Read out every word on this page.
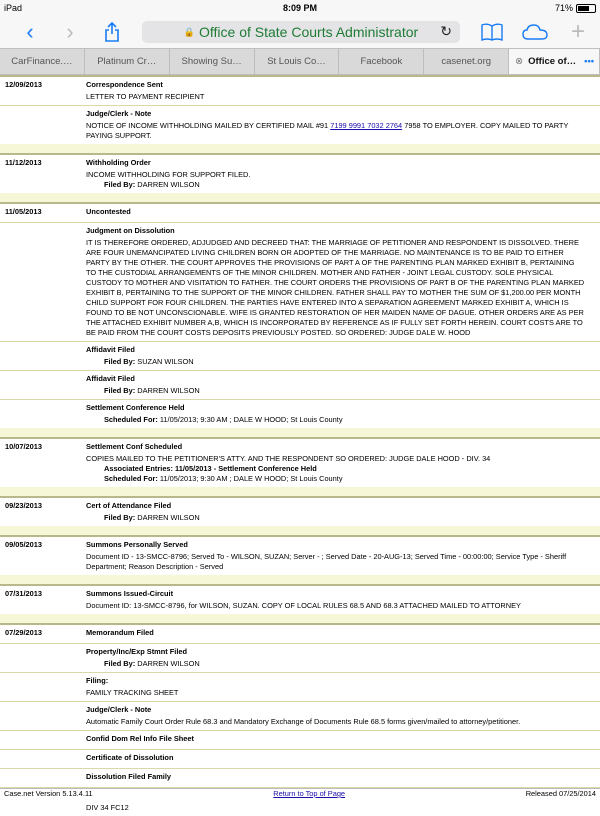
iPad	8:09 PM	71%
‹	›	🔒 Office of State Courts Administrator ↻	+
CarFinance.…	Platinum Cr…	Showing Su…	St Louis Co…	Facebook	casenet.org	⊗ Office of… •••
12/09/2013	Correspondence Sent
LETTER TO PAYMENT RECIPIENT
Judge/Clerk - Note
NOTICE OF INCOME WITHHOLDING MAILED BY CERTIFIED MAIL #91 7199 9991 7032 2764 7958 TO EMPLOYER. COPY MAILED TO PARTY PAYING SUPPORT.
11/12/2013	Withholding Order
INCOME WITHHOLDING FOR SUPPORT FILED.
Filed By: DARREN WILSON
11/05/2013	Uncontested
Judgment on Dissolution
IT IS THEREFORE ORDERED, ADJUDGED AND DECREED THAT: THE MARRIAGE OF PETITIONER AND RESPONDENT IS DISSOLVED. THERE ARE FOUR UNEMANCIPATED LIVING CHILDREN BORN OR ADOPTED OF THE MARRIAGE. NO MAINTENANCE IS TO BE PAID TO EITHER PARTY BY THE OTHER. THE COURT APPROVES THE PROVISIONS OF PART A OF THE PARENTING PLAN MARKED EXHIBIT B, PERTAINING TO THE CUSTODIAL ARRANGEMENTS OF THE MINOR CHILDREN. MOTHER AND FATHER - JOINT LEGAL CUSTODY. SOLE PHYSICAL CUSTODY TO MOTHER AND VISITATION TO FATHER. THE COURT ORDERS THE PROVISIONS OF PART B OF THE PARENTING PLAN MARKED EXHIBIT B, PERTAINING TO THE SUPPORT OF THE MINOR CHILDREN. FATHER SHALL PAY TO MOTHER THE SUM OF $1,200.00 PER MONTH CHILD SUPPORT FOR FOUR CHILDREN. THE PARTIES HAVE ENTERED INTO A SEPARATION AGREEMENT MARKED EXHIBIT A, WHICH IS FOUND TO BE NOT UNCONSCIONABLE. WIFE IS GRANTED RESTORATION OF HER MAIDEN NAME OF DAGUE. OTHER ORDERS ARE AS PER THE ATTACHED EXHIBIT NUMBER A,B, WHICH IS INCORPORATED BY REFERENCE AS IF FULLY SET FORTH HEREIN. COURT COSTS ARE TO BE PAID FROM THE COURT COSTS DEPOSITS PREVIOUSLY POSTED. SO ORDERED: JUDGE DALE W. HOOD
Affidavit Filed
Filed By: SUZAN WILSON
Affidavit Filed
Filed By: DARREN WILSON
Settlement Conference Held
Scheduled For: 11/05/2013; 9:30 AM ; DALE W HOOD; St Louis County
10/07/2013	Settlement Conf Scheduled
COPIES MAILED TO THE PETITIONER'S ATTY. AND THE RESPONDENT SO ORDERED: JUDGE DALE HOOD - DIV. 34
Associated Entries: 11/05/2013 - Settlement Conference Held
Scheduled For: 11/05/2013; 9:30 AM ; DALE W HOOD; St Louis County
09/23/2013	Cert of Attendance Filed
Filed By: DARREN WILSON
09/05/2013	Summons Personally Served
Document ID - 13-SMCC-8796; Served To - WILSON, SUZAN; Server - ; Served Date - 20-AUG-13; Served Time - 00:00:00; Service Type - Sheriff Department; Reason Description - Served
07/31/2013	Summons Issued-Circuit
Document ID: 13-SMCC-8796, for WILSON, SUZAN. COPY OF LOCAL RULES 68.5 AND 68.3 ATTACHED MAILED TO ATTORNEY
07/29/2013	Memorandum Filed
Property/Inc/Exp Stmnt Filed
Filed By: DARREN WILSON
Filing:
FAMILY TRACKING SHEET
Judge/Clerk - Note
Automatic Family Court Order Rule 68.3 and Mandatory Exchange of Documents Rule 68.5 forms given/mailed to attorney/petitioner.
Confid Dom Rel Info File Sheet
Certificate of Dissolution
Dissolution Filed Family
DIV 34 FC12
Case.net Version 5.13.4.11	Return to Top of Page	Released 07/25/2014
